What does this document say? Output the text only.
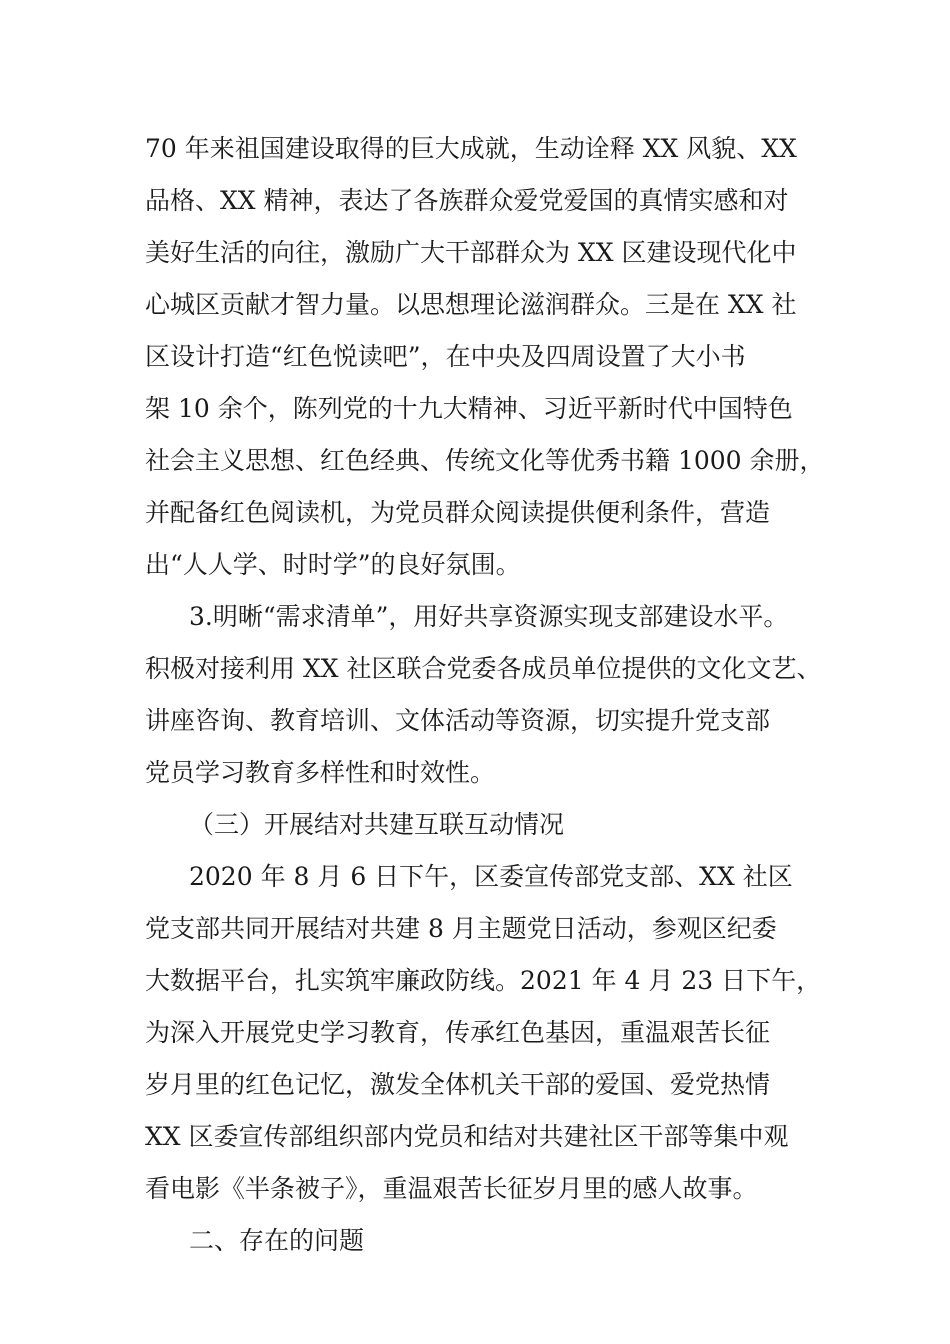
70 年来祖国建设取得的巨大成就，生动诠释 XX 风貌、XX
品格、XX 精神，表达了各族群众爱党爱国的真情实感和对
美好生活的向往，激励广大干部群众为 XX 区建设现代化中
心城区贡献才智力量。以思想理论滋润群众。三是在 XX 社
区设计打造“红色悦读吧”，在中央及四周设置了大小书
架 10 余个，陈列党的十九大精神、习近平新时代中国特色
社会主义思想、红色经典、传统文化等优秀书籍 1000 余册，
并配备红色阅读机，为党员群众阅读提供便利条件，营造
出“人人学、时时学”的良好氛围。
3.明晰“需求清单”，用好共享资源实现支部建设水平。
积极对接利用 XX 社区联合党委各成员单位提供的文化文艺、
讲座咨询、教育培训、文体活动等资源，切实提升党支部
党员学习教育多样性和时效性。
（三）开展结对共建互联互动情况
2020 年 8 月 6 日下午，区委宣传部党支部、XX 社区
党支部共同开展结对共建 8 月主题党日活动，参观区纪委
大数据平台，扎实筑牢廉政防线。2021 年 4 月 23 日下午，
为深入开展党史学习教育，传承红色基因，重温艰苦长征
岁月里的红色记忆，激发全体机关干部的爱国、爱党热情
XX 区委宣传部组织部内党员和结对共建社区干部等集中观
看电影《半条被子》，重温艰苦长征岁月里的感人故事。
二、存在的问题
